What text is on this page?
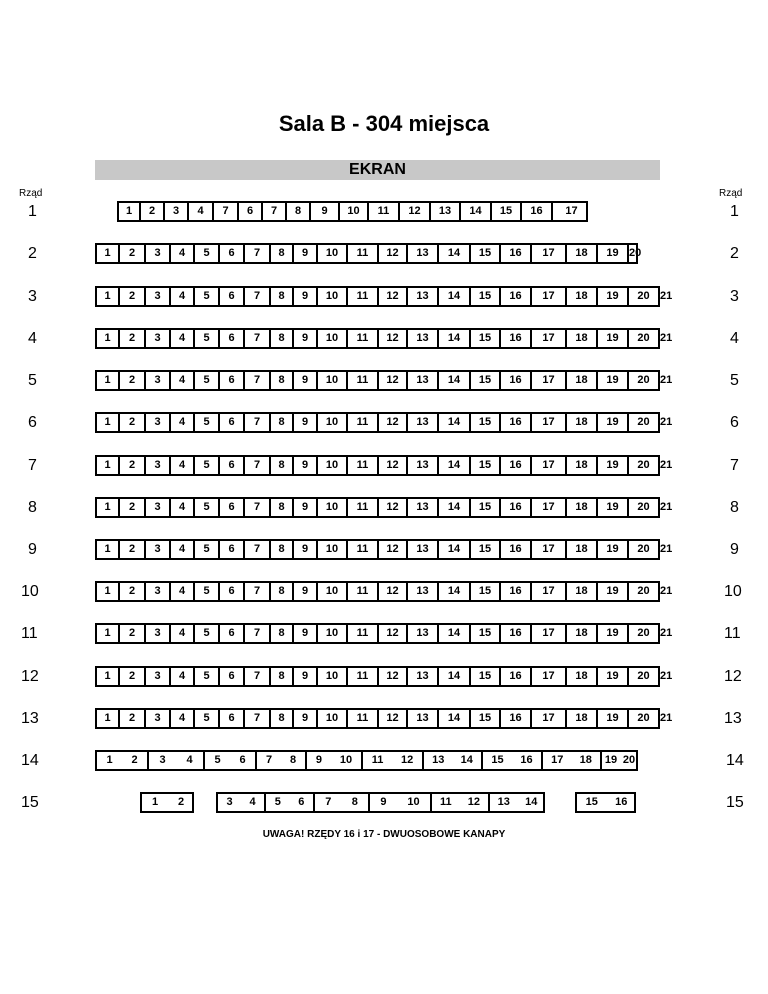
Sala B - 304 miejsca
EKRAN
Rząd	Rząd
1	1
1	2	3	4	7	6	7	8	9	10	11	12	13	14	15	16	17
2	2
1	2	3	4	5	6	7	8	9	10	11	12	13	14	15	16	17	18	19 20
3	3
1	2	3	4	5	6	7	8	9	10	11	12	13	14	15	16	17	18	19	20 21
4	4
1	2	3	4	5	6	7	8	9	10	11	12	13	14	15	16	17	18	19	20 21
5	5
1	2	3	4	5	6	7	8	9	10	11	12	13	14	15	16	17	18	19	20 21
6	6
1	2	3	4	5	6	7	8	9	10	11	12	13	14	15	16	17	18	19	20 21
7	7
1	2	3	4	5	6	7	8	9	10	11	12	13	14	15	16	17	18	19	20 21
8	8
1	2	3	4	5	6	7	8	9	10	11	12	13	14	15	16	17	18	19	20 21
9	9
1	2	3	4	5	6	7	8	9	10	11	12	13	14	15	16	17	18	19	20 21
10	10
1	2	3	4	5	6	7	8	9	10	11	12	13	14	15	16	17	18	19	20 21
11	11
1	2	3	4	5	6	7	8	9	10	11	12	13	14	15	16	17	18	19	20 21
12	12
1	2	3	4	5	6	7	8	9	10	11	12	13	14	15	16	17	18	19	20 21
13	13
1	2	3	4	5	6	7	8	9	10	11	12	13	14	15	16	17	18	19	20 21
14	14
1 2 3 4 5 6 7 8 9 10 11 12 13 14 15 16 17 18 19 20
15	15
1 2	3 4 5 6 7 8 9 10 11 12 13 14	15 16
UWAGA! RZĘDY 16 i 17 - DWUOSOBOWE KANAPY
